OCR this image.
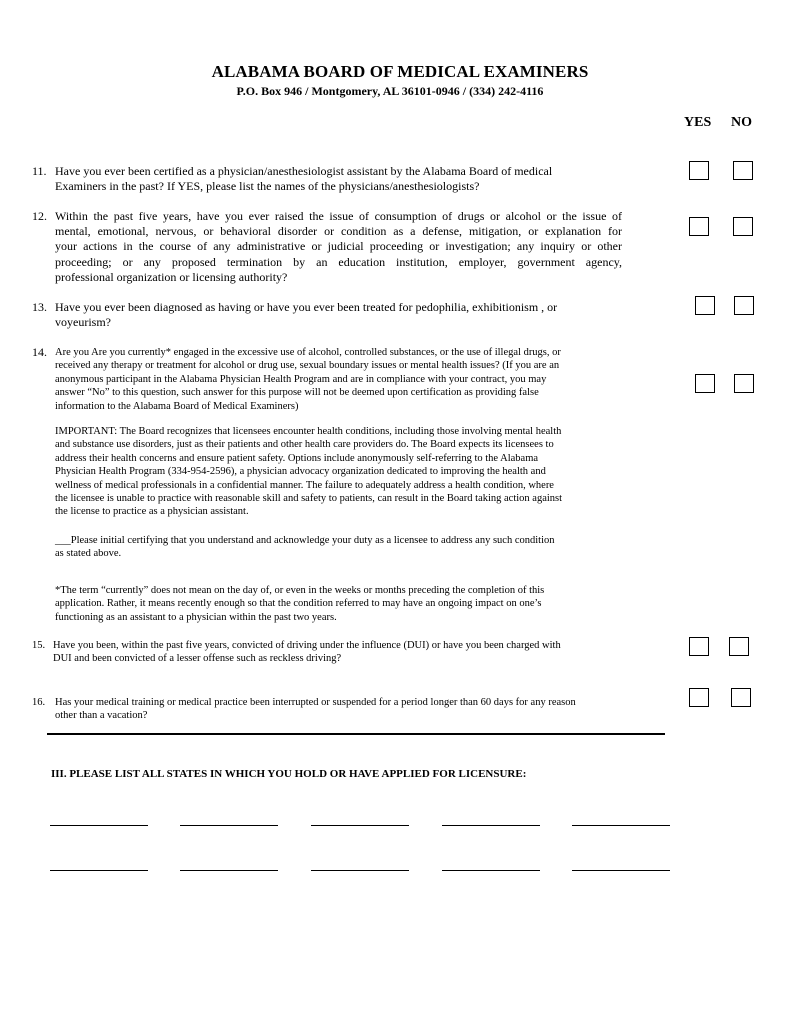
ALABAMA BOARD OF MEDICAL EXAMINERS
P.O. Box 946 / Montgomery, AL 36101-0946 / (334) 242-4116
YES NO
11. Have you ever been certified as a physician/anesthesiologist assistant by the Alabama Board of medical
Examiners in the past? If YES, please list the names of the physicians/anesthesiologists?
12. Within the past five years, have you ever raised the issue of consumption of drugs or alcohol or the issue of
mental, emotional, nervous, or behavioral disorder or condition as a defense, mitigation, or explanation for
your actions in the course of any administrative or judicial proceeding or investigation; any inquiry or other
proceeding; or any proposed termination by an education institution, employer, government agency,
professional organization or licensing authority?
13. Have you ever been diagnosed as having or have you ever been treated for pedophilia, exhibitionism , or
voyeurism?
14. Are you Are you currently* engaged in the excessive use of alcohol, controlled substances, or the use of illegal drugs, or
received any therapy or treatment for alcohol or drug use, sexual boundary issues or mental health issues? (If you are an
anonymous participant in the Alabama Physician Health Program and are in compliance with your contract, you may
answer “No” to this question, such answer for this purpose will not be deemed upon certification as providing false
information to the Alabama Board of Medical Examiners)
IMPORTANT: The Board recognizes that licensees encounter health conditions, including those involving mental health
and substance use disorders, just as their patients and other health care providers do. The Board expects its licensees to
address their health concerns and ensure patient safety. Options include anonymously self-referring to the Alabama
Physician Health Program (334-954-2596), a physician advocacy organization dedicated to improving the health and
wellness of medical professionals in a confidential manner. The failure to adequately address a health condition, where
the licensee is unable to practice with reasonable skill and safety to patients, can result in the Board taking action against
the license to practice as a physician assistant.
___Please initial certifying that you understand and acknowledge your duty as a licensee to address any such condition
as stated above.
*The term “currently” does not mean on the day of, or even in the weeks or months preceding the completion of this
application. Rather, it means recently enough so that the condition referred to may have an ongoing impact on one’s
functioning as an assistant to a physician within the past two years.
15. Have you been, within the past five years, convicted of driving under the influence (DUI) or have you been charged with
DUI and been convicted of a lesser offense such as reckless driving?
16. Has your medical training or medical practice been interrupted or suspended for a period longer than 60 days for any reason
other than a vacation?
III. PLEASE LIST ALL STATES IN WHICH YOU HOLD OR HAVE APPLIED FOR LICENSURE:
